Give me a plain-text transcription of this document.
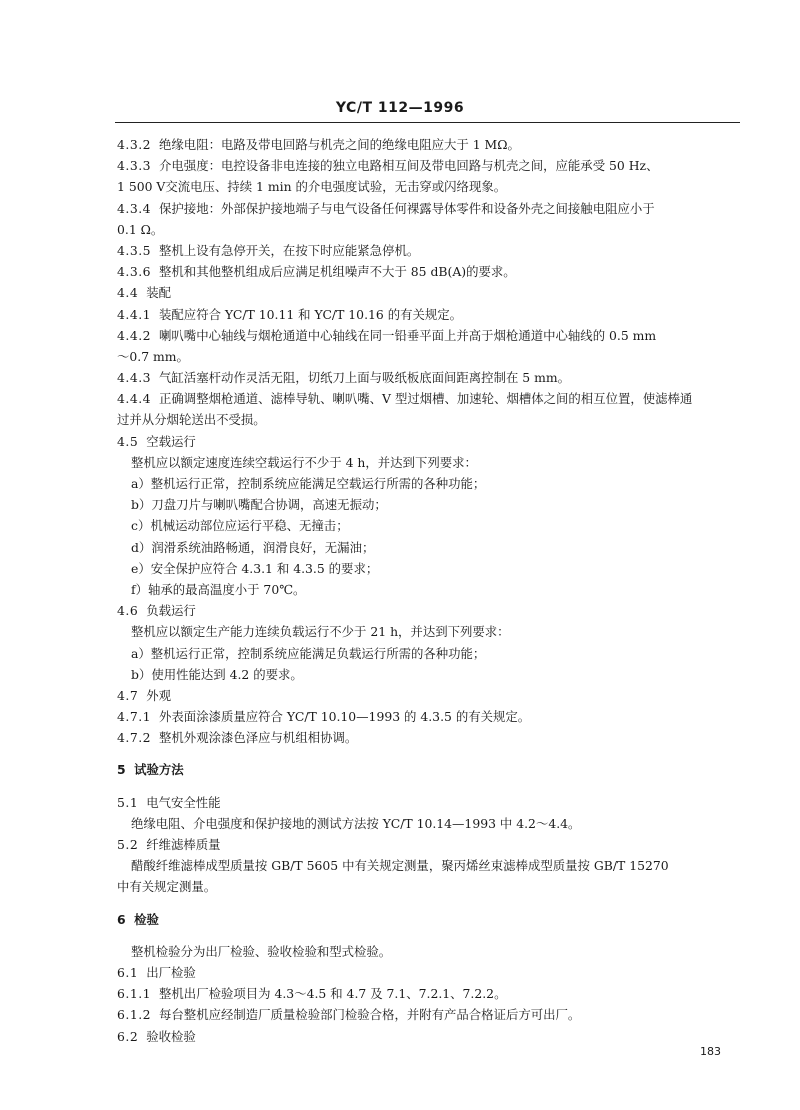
YC/T 112—1996
4.3.2 绝缘电阻：电路及带电回路与机壳之间的绝缘电阻应大于 1 MΩ。
4.3.3 介电强度：电控设备非电连接的独立电路相互间及带电回路与机壳之间，应能承受 50 Hz、
1 500 V交流电压、持续 1 min 的介电强度试验，无击穿或闪络现象。
4.3.4 保护接地：外部保护接地端子与电气设备任何裸露导体零件和设备外壳之间接触电阻应小于
0.1 Ω。
4.3.5 整机上设有急停开关，在按下时应能紧急停机。
4.3.6 整机和其他整机组成后应满足机组噪声不大于 85 dB(A)的要求。
4.4 装配
4.4.1 装配应符合 YC/T 10.11 和 YC/T 10.16 的有关规定。
4.4.2 喇叭嘴中心轴线与烟枪通道中心轴线在同一铅垂平面上并高于烟枪通道中心轴线的 0.5 mm
～0.7 mm。
4.4.3 气缸活塞杆动作灵活无阻，切纸刀上面与吸纸板底面间距离控制在 5 mm。
4.4.4 正确调整烟枪通道、滤棒导轨、喇叭嘴、V 型过烟槽、加速轮、烟槽体之间的相互位置，使滤棒通
过并从分烟轮送出不受损。
4.5 空载运行
整机应以额定速度连续空载运行不少于 4 h，并达到下列要求：
a）整机运行正常，控制系统应能满足空载运行所需的各种功能；
b）刀盘刀片与喇叭嘴配合协调，高速无振动；
c）机械运动部位应运行平稳、无撞击；
d）润滑系统油路畅通，润滑良好，无漏油；
e）安全保护应符合 4.3.1 和 4.3.5 的要求；
f）轴承的最高温度小于 70℃。
4.6 负载运行
整机应以额定生产能力连续负载运行不少于 21 h，并达到下列要求：
a）整机运行正常，控制系统应能满足负载运行所需的各种功能；
b）使用性能达到 4.2 的要求。
4.7 外观
4.7.1 外表面涂漆质量应符合 YC/T 10.10—1993 的 4.3.5 的有关规定。
4.7.2 整机外观涂漆色泽应与机组相协调。
5 试验方法
5.1 电气安全性能
绝缘电阻、介电强度和保护接地的测试方法按 YC/T 10.14—1993 中 4.2～4.4。
5.2 纤维滤棒质量
醋酸纤维滤棒成型质量按 GB/T 5605 中有关规定测量，聚丙烯丝束滤棒成型质量按 GB/T 15270
中有关规定测量。
6 检验
整机检验分为出厂检验、验收检验和型式检验。
6.1 出厂检验
6.1.1 整机出厂检验项目为 4.3～4.5 和 4.7 及 7.1、7.2.1、7.2.2。
6.1.2 每台整机应经制造厂质量检验部门检验合格，并附有产品合格证后方可出厂。
6.2 验收检验
183
